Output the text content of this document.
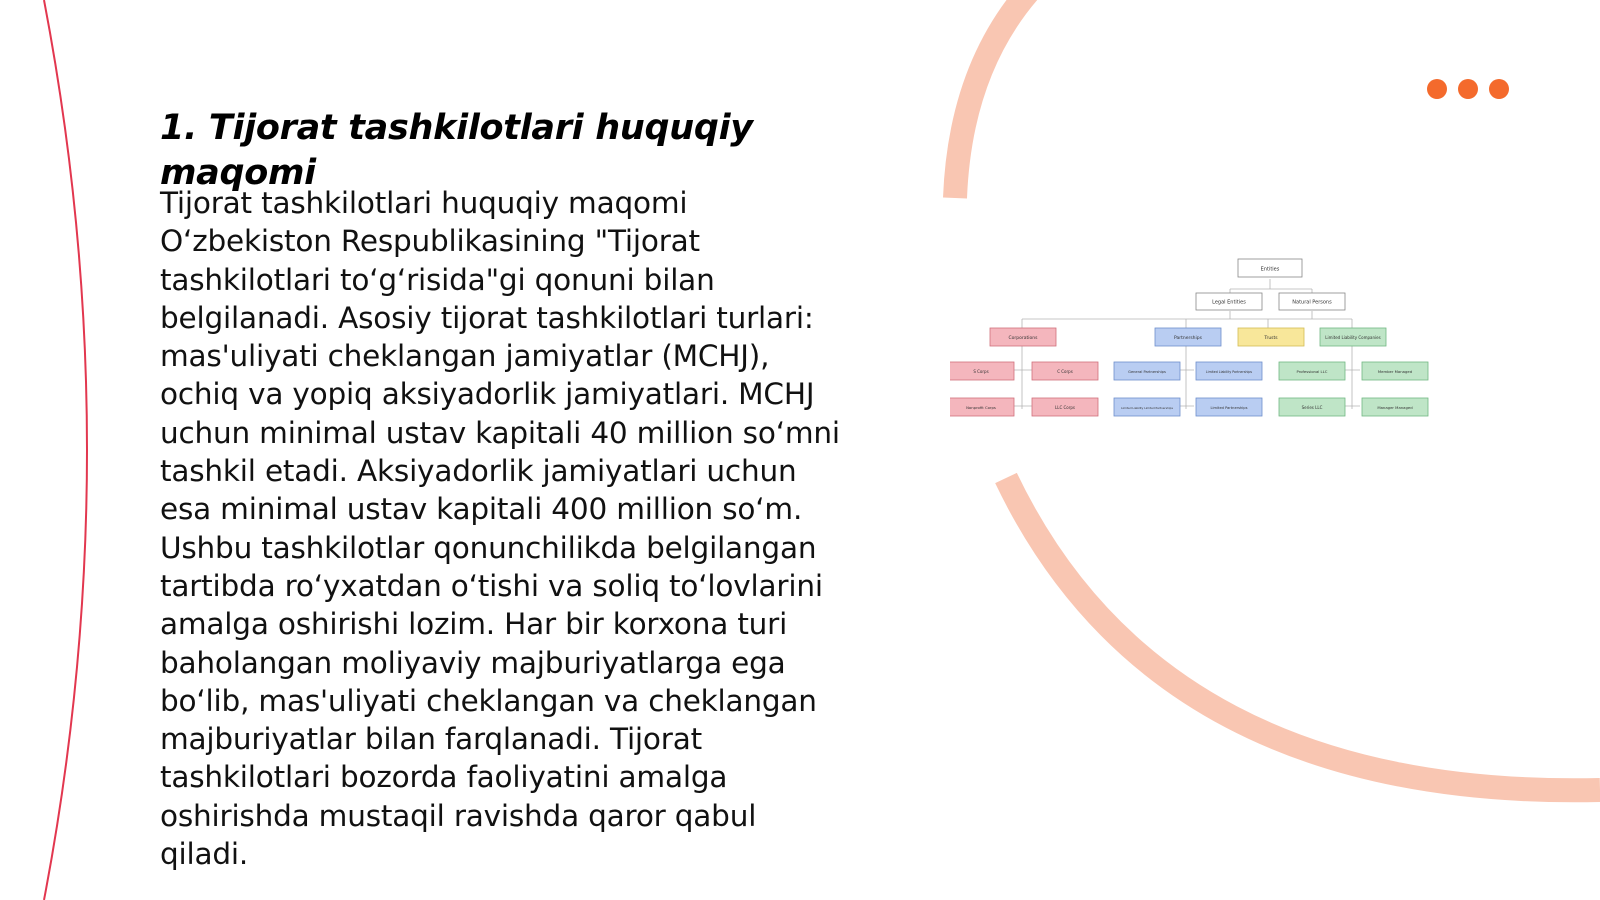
1. Tijorat tashkilotlari huquqiy maqomi

Tijorat tashkilotlari huquqiy maqomi O‘zbekiston Respublikasining "Tijorat tashkilotlari to‘g‘risida"gi qonuni bilan belgilanadi. Asosiy tijorat tashkilotlari turlari: mas'uliyati cheklangan jamiyatlar (MCHJ), ochiq va yopiq aksiyadorlik jamiyatlari. MCHJ uchun minimal ustav kapitali 40 million so‘mni tashkil etadi. Aksiyadorlik jamiyatlari uchun esa minimal ustav kapitali 400 million so‘m. Ushbu tashkilotlar qonunchilikda belgilangan tartibda ro‘yxatdan o‘tishi va soliq to‘lovlarini amalga oshirishi lozim. Har bir korxona turi baholangan moliyaviy majburiyatlarga ega bo‘lib, mas'uliyati cheklangan va cheklangan majburiyatlar bilan farqlanadi. Tijorat tashkilotlari bozorda faoliyatini amalga oshirishda mustaqil ravishda qaror qabul qiladi.

Entities
Legal Entities	Natural Persons
Corporations	Partnerships	Trusts	Limited Liability Companies
S Corps	C Corps	General Partnerships	Limited Liability Partnerships	Professional LLC	Member Managed
Nonprofit Corps	LLC Corps	Limited Liability Limited Partnerships	Limited Partnerships	Series LLC	Manager Managed
